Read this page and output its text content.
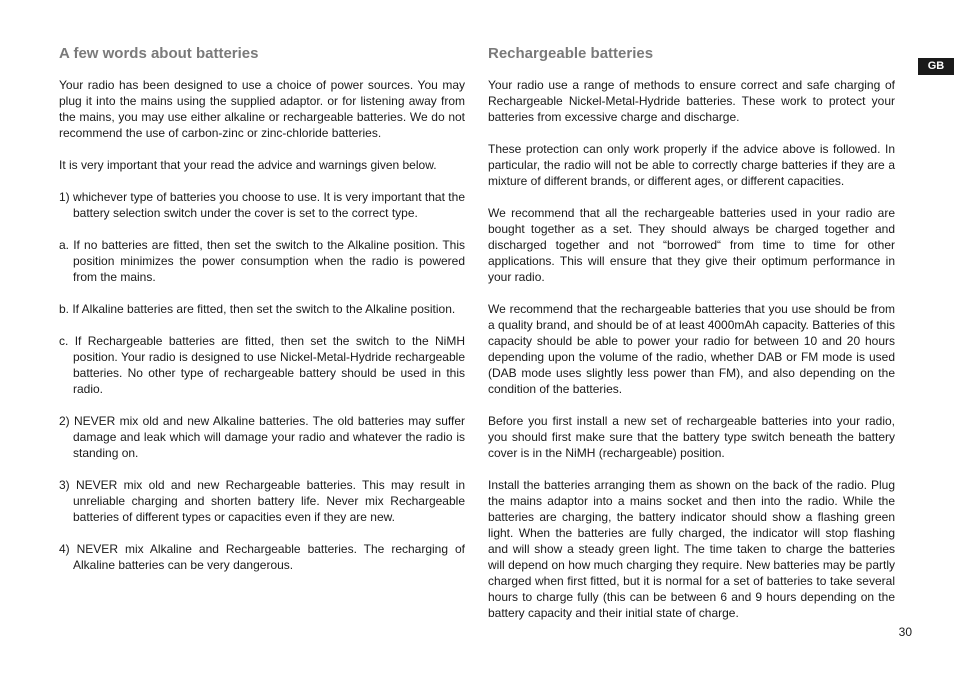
A few words about batteries

Your radio has been designed to use a choice of power sources. You may plug it into the mains using the supplied adaptor. or for listening away from the mains, you may use either alkaline or rechargeable batteries. We do not recommend the use of carbon-zinc or zinc-chloride batteries.

It is very important that your read the advice and warnings given below.

1) whichever type of batteries you choose to use. It is very important that the battery selection switch under the cover is set to the correct type.

a. If no batteries are fitted, then set the switch to the Alkaline position. This position minimizes the power consumption when the radio is powered from the mains.

b. If Alkaline batteries are fitted, then set the switch to the Alkaline position.

c. If Rechargeable batteries are fitted, then set the switch to the NiMH position. Your radio is designed to use Nickel-Metal-Hydride rechargeable batteries. No other type of rechargeable battery should be used in this radio.

2) NEVER mix old and new Alkaline batteries. The old batteries may suffer damage and leak which will damage your radio and whatever the radio is standing on.

3) NEVER mix old and new Rechargeable batteries. This may result in unreliable charging and shorten battery life. Never mix Rechargeable batteries of different types or capacities even if they are new.

4) NEVER mix Alkaline and Rechargeable batteries. The recharging of Alkaline batteries can be very dangerous.

Rechargeable batteries

Your radio use a range of methods to ensure correct and safe charging of Rechargeable Nickel-Metal-Hydride batteries. These work to protect your batteries from excessive charge and discharge.

These protection can only work properly if the advice above is followed. In particular, the radio will not be able to correctly charge batteries if they are a mixture of different brands, or different ages, or different capacities.

We recommend that all the rechargeable batteries used in your radio are bought together as a set. They should always be charged together and discharged together and not “borrowed“ from time to time for other applications. This will ensure that they give their optimum performance in your radio.

We recommend that the rechargeable batteries that you use should be from a quality brand, and should be of at least 4000mAh capacity. Batteries of this capacity should be able to power your radio for between 10 and 20 hours depending upon the volume of the radio, whether DAB or FM mode is used (DAB mode uses slightly less power than FM), and also depending on the condition of the batteries.

Before you first install a new set of rechargeable batteries into your radio, you should first make sure that the battery type switch beneath the battery cover is in the NiMH (rechargeable) position.

Install the batteries arranging them as shown on the back of the radio. Plug the mains adaptor into a mains socket and then into the radio. While the batteries are charging, the battery indicator should show a flashing green light. When the batteries are fully charged, the indicator will stop flashing and will show a steady green light. The time taken to charge the batteries will depend on how much charging they require. New batteries may be partly charged when first fitted, but it is normal for a set of batteries to take several hours to charge fully (this can be between 6 and 9 hours depending on the battery capacity and their initial state of charge.

GB
30
